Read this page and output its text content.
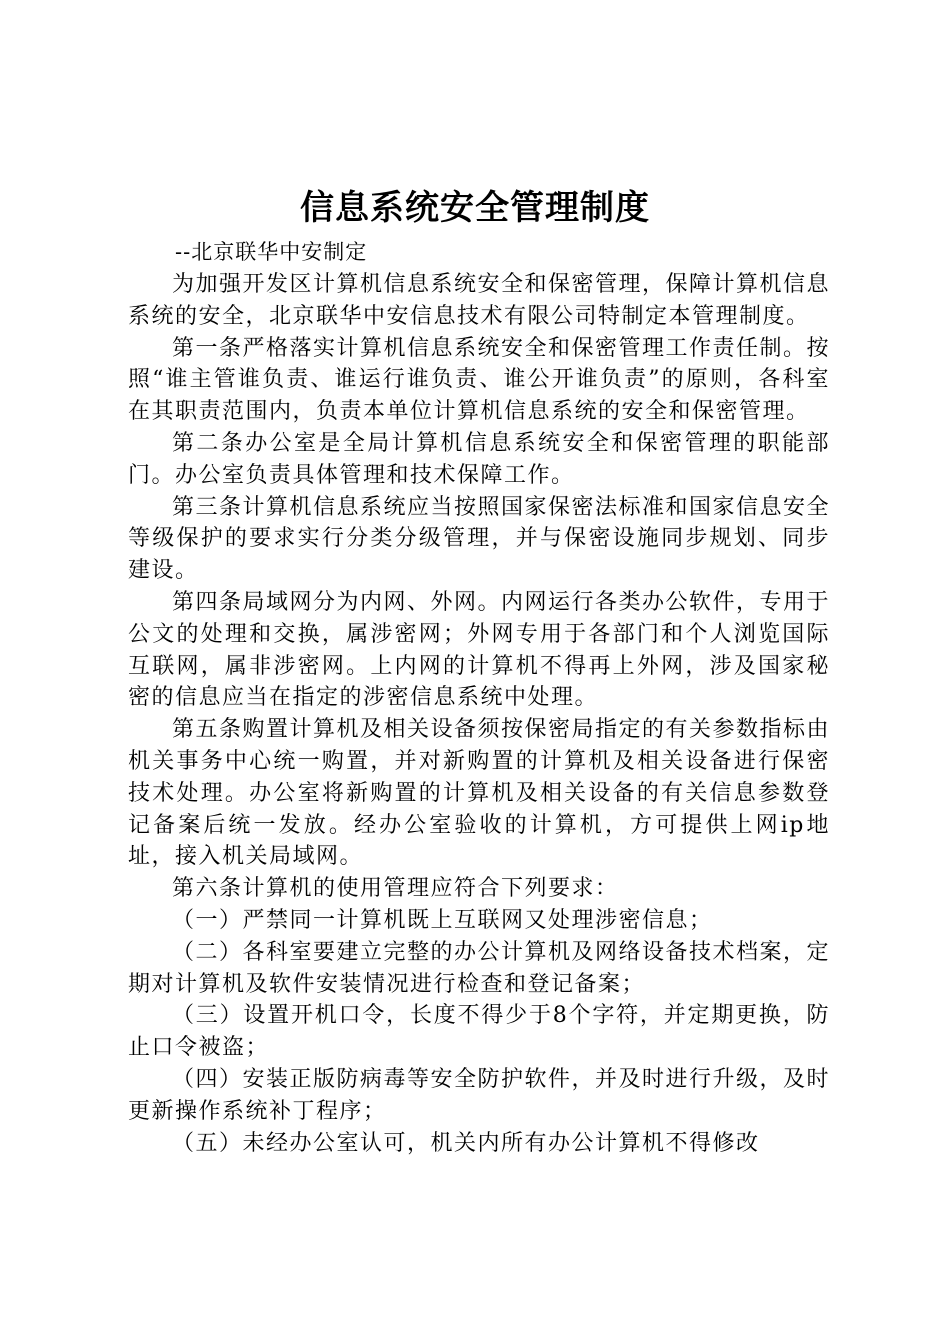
信息系统安全管理制度
--北京联华中安制定

为加强开发区计算机信息系统安全和保密管理，保障计算机信息系统的安全，北京联华中安信息技术有限公司特制定本管理制度。

第一条严格落实计算机信息系统安全和保密管理工作责任制。按照“谁主管谁负责、谁运行谁负责、谁公开谁负责”的原则，各科室在其职责范围内，负责本单位计算机信息系统的安全和保密管理。

第二条办公室是全局计算机信息系统安全和保密管理的职能部门。办公室负责具体管理和技术保障工作。

第三条计算机信息系统应当按照国家保密法标准和国家信息安全等级保护的要求实行分类分级管理，并与保密设施同步规划、同步建设。

第四条局域网分为内网、外网。内网运行各类办公软件，专用于公文的处理和交换，属涉密网；外网专用于各部门和个人浏览国际互联网，属非涉密网。上内网的计算机不得再上外网，涉及国家秘密的信息应当在指定的涉密信息系统中处理。

第五条购置计算机及相关设备须按保密局指定的有关参数指标由机关事务中心统一购置，并对新购置的计算机及相关设备进行保密技术处理。办公室将新购置的计算机及相关设备的有关信息参数登记备案后统一发放。经办公室验收的计算机，方可提供上网ip地址，接入机关局域网。

第六条计算机的使用管理应符合下列要求：

（一）严禁同一计算机既上互联网又处理涉密信息；

（二）各科室要建立完整的办公计算机及网络设备技术档案，定期对计算机及软件安装情况进行检查和登记备案；

（三）设置开机口令，长度不得少于8个字符，并定期更换，防止口令被盗；

（四）安装正版防病毒等安全防护软件，并及时进行升级，及时更新操作系统补丁程序；

（五）未经办公室认可，机关内所有办公计算机不得修改
